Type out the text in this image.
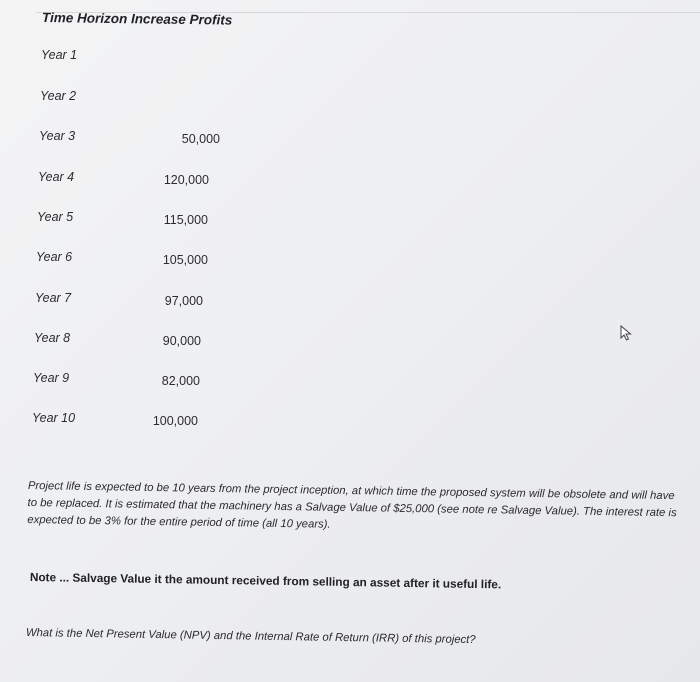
Time Horizon Increase Profits
Year 1
Year 2
Year 3	50,000
Year 4	120,000
Year 5	115,000
Year 6	105,000
Year 7	97,000
Year 8	90,000
Year 9	82,000
Year 10	100,000
Project life is expected to be 10 years from the project inception, at which time the proposed system will be obsolete and will have to be replaced. It is estimated that the machinery has a Salvage Value of $25,000 (see note re Salvage Value). The interest rate is expected to be 3% for the entire period of time (all 10 years).
Note ... Salvage Value it the amount received from selling an asset after it useful life.
What is the Net Present Value (NPV) and the Internal Rate of Return (IRR) of this project?
